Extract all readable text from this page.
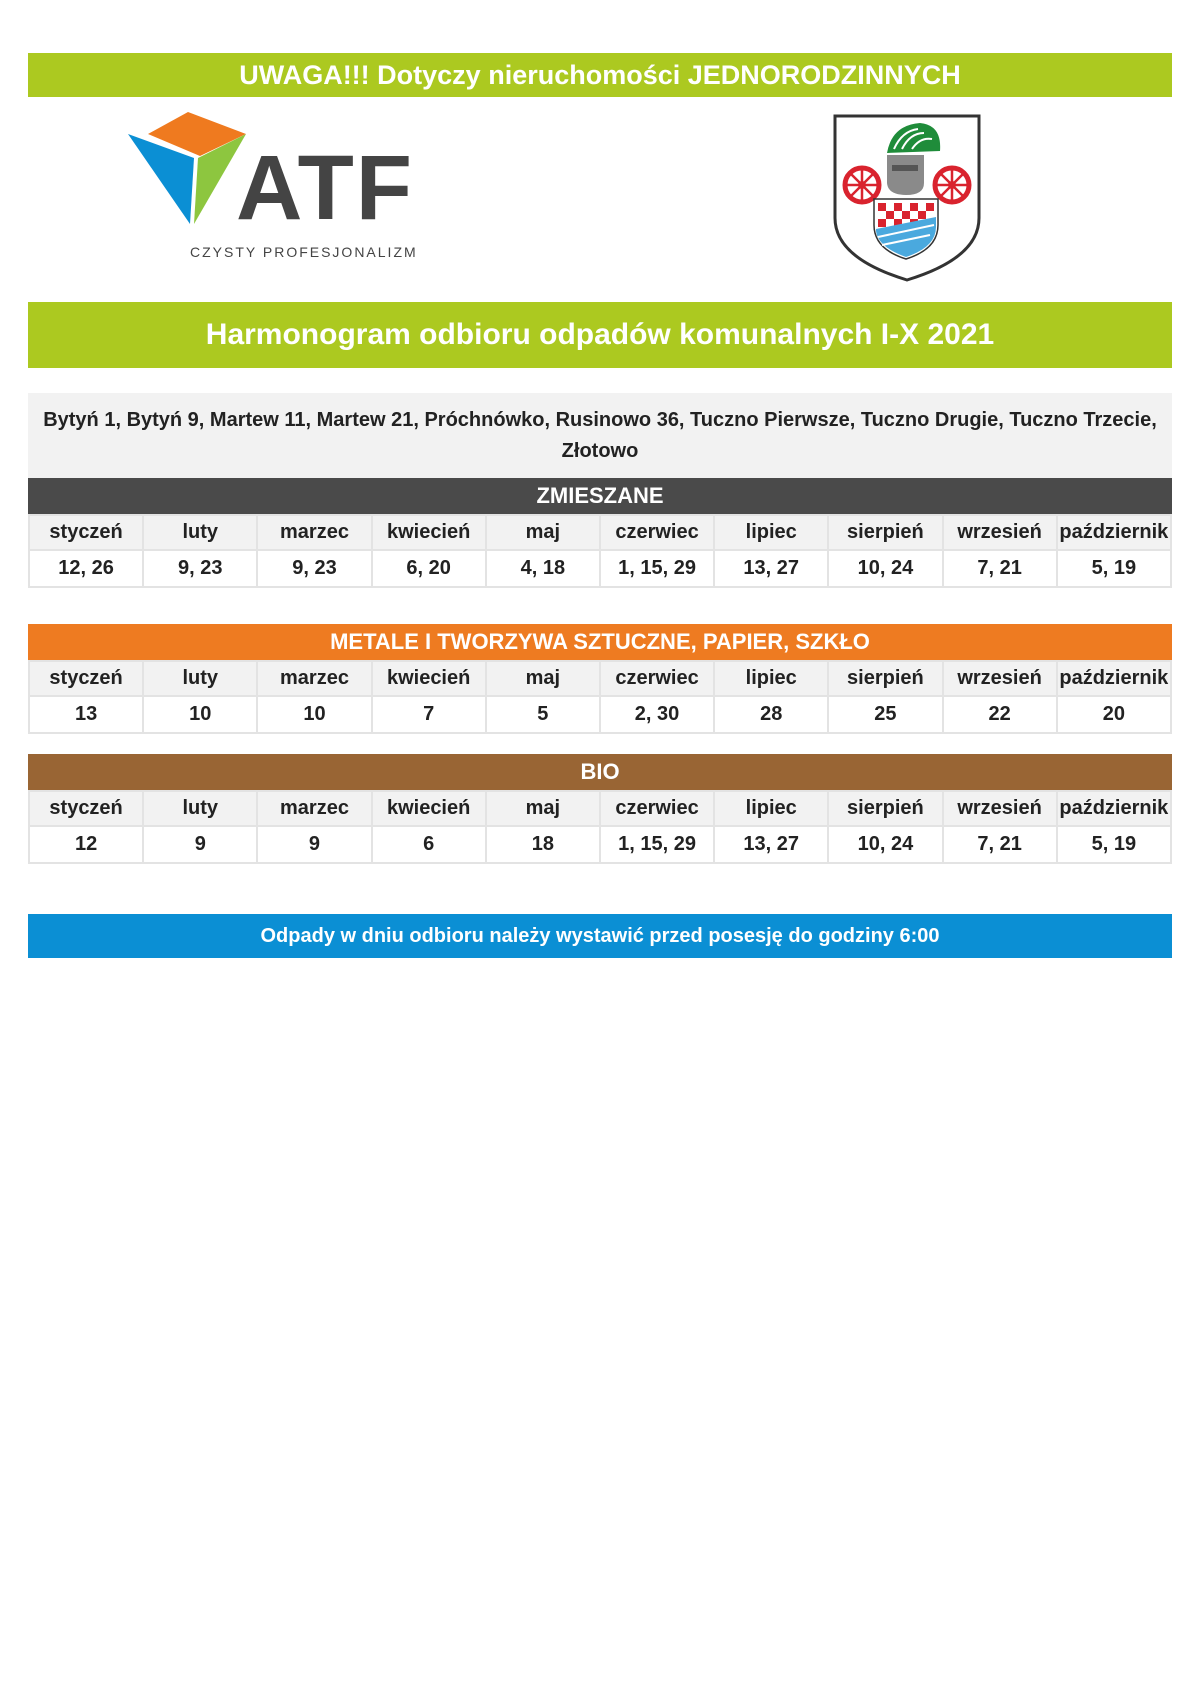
UWAGA!!! Dotyczy nieruchomości JEDNORODZINNYCH
ATF
CZYSTY PROFESJONALIZM
Harmonogram odbioru odpadów komunalnych I-X 2021
Bytyń 1, Bytyń 9, Martew 11, Martew 21, Próchnówko, Rusinowo 36, Tuczno Pierwsze, Tuczno Drugie, Tuczno Trzecie, Złotowo
ZMIESZANE
styczeń	luty	marzec	kwiecień	maj	czerwiec	lipiec	sierpień	wrzesień	październik
12, 26	9, 23	9, 23	6, 20	4, 18	1, 15, 29	13, 27	10, 24	7, 21	5, 19
METALE I TWORZYWA SZTUCZNE, PAPIER, SZKŁO
styczeń	luty	marzec	kwiecień	maj	czerwiec	lipiec	sierpień	wrzesień	październik
13	10	10	7	5	2, 30	28	25	22	20
BIO
styczeń	luty	marzec	kwiecień	maj	czerwiec	lipiec	sierpień	wrzesień	październik
12	9	9	6	18	1, 15, 29	13, 27	10, 24	7, 21	5, 19
Odpady w dniu odbioru należy wystawić przed posesję do godziny 6:00
